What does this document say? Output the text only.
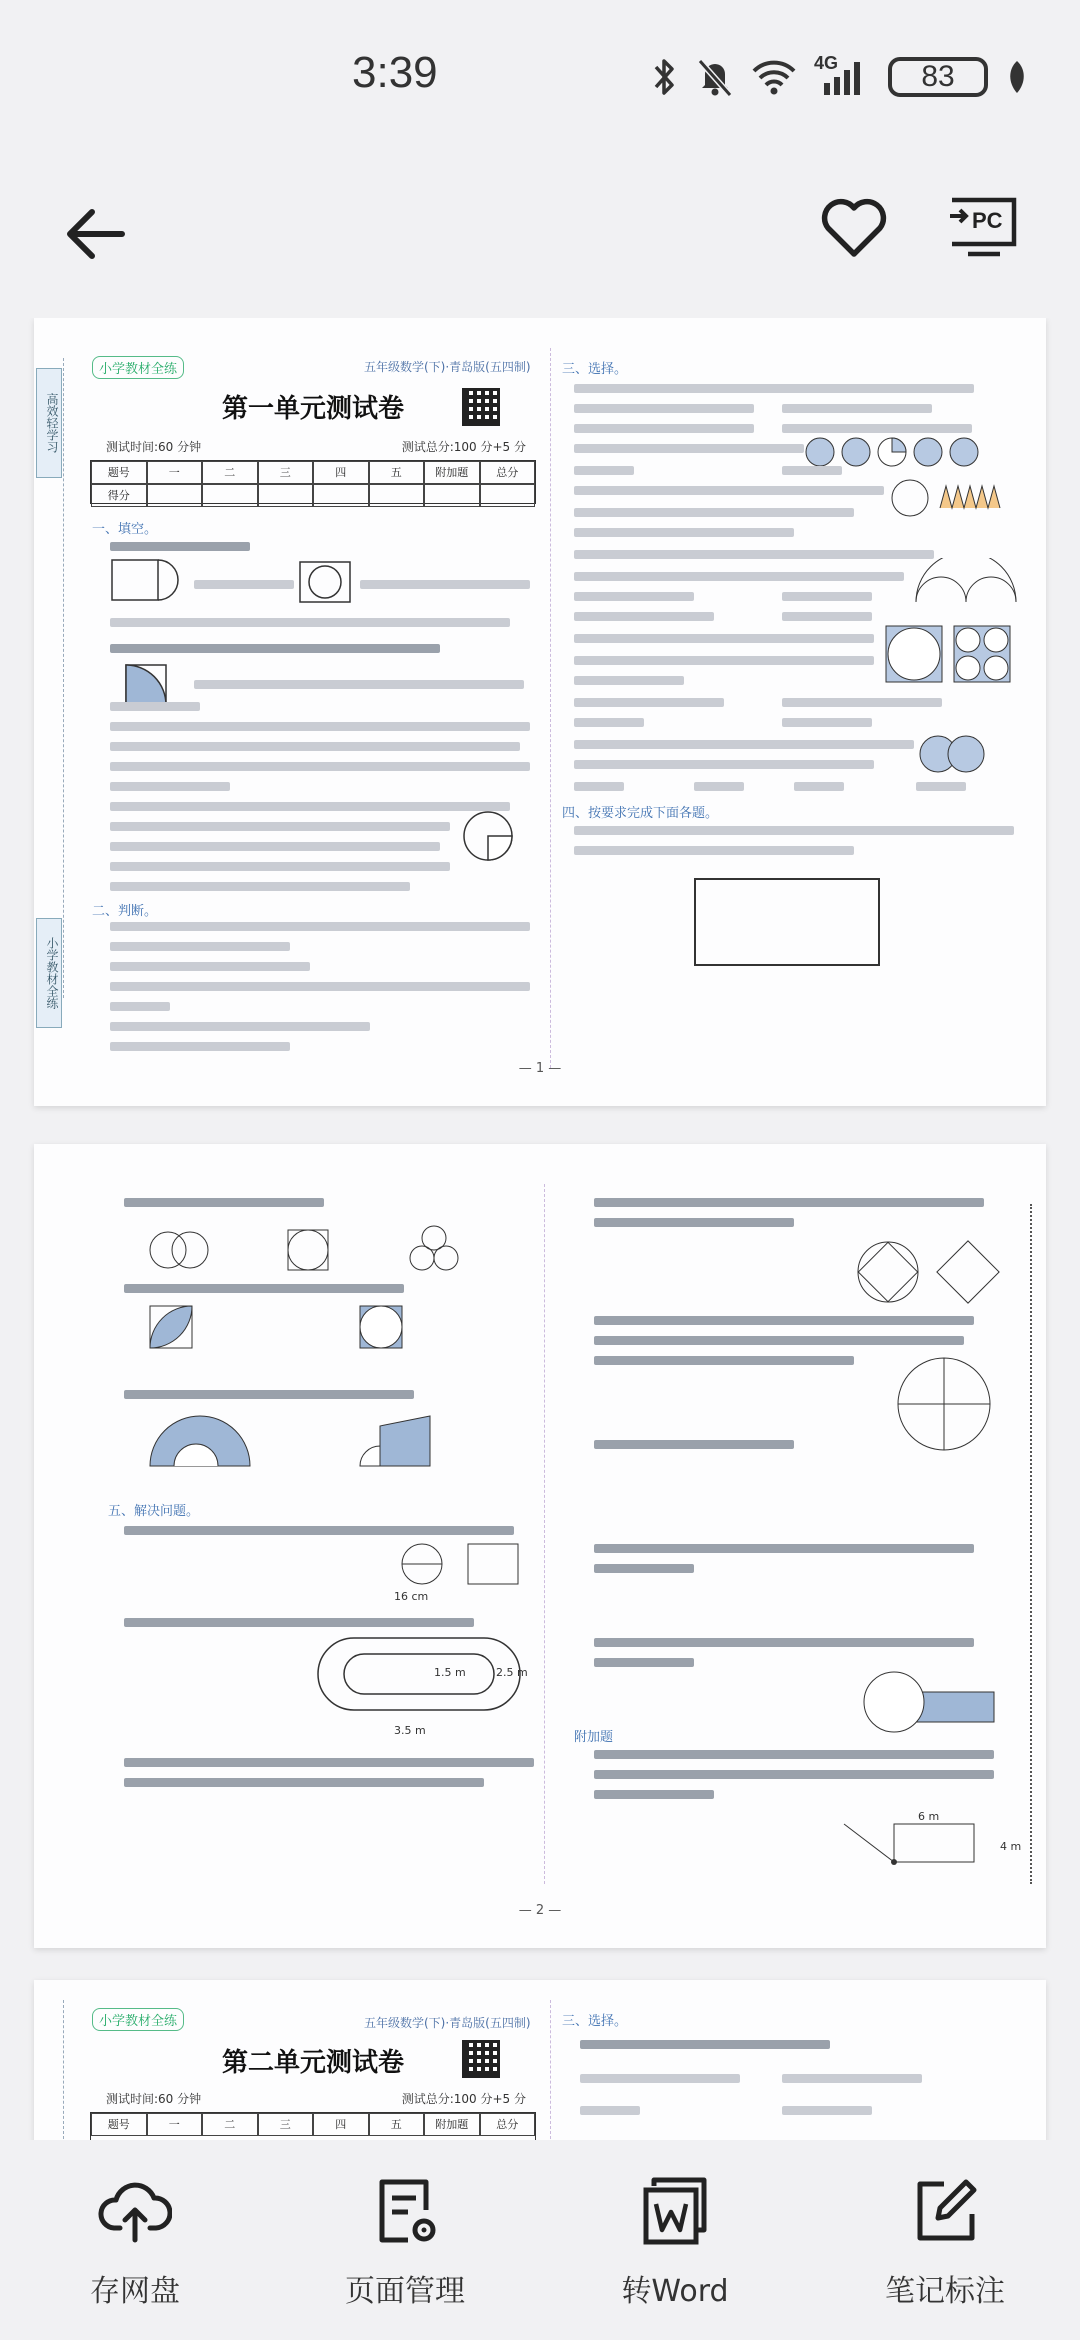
3:39	4G	83
PC
高效轻学习
小学教材全练
小学教材全练	五年级数学(下)·青岛版(五四制)
第一单元测试卷
测试时间:60 分钟	测试总分:100 分+5 分
题号	一	二	三	四	五	附加题	总分
得分
一、填空。
二、判断。
三、选择。
四、按要求完成下面各题。
— 1 —
五、解决问题。
16 cm
3.5 m
1.5 m	2.5 m
附加题
6 m
4 m
— 2 —
小学教材全练	五年级数学(下)·青岛版(五四制)
第二单元测试卷
测试时间:60 分钟	测试总分:100 分+5 分
题号	一	二	三	四	五	附加题	总分
三、选择。
存网盘	页面管理	转Word	笔记标注
